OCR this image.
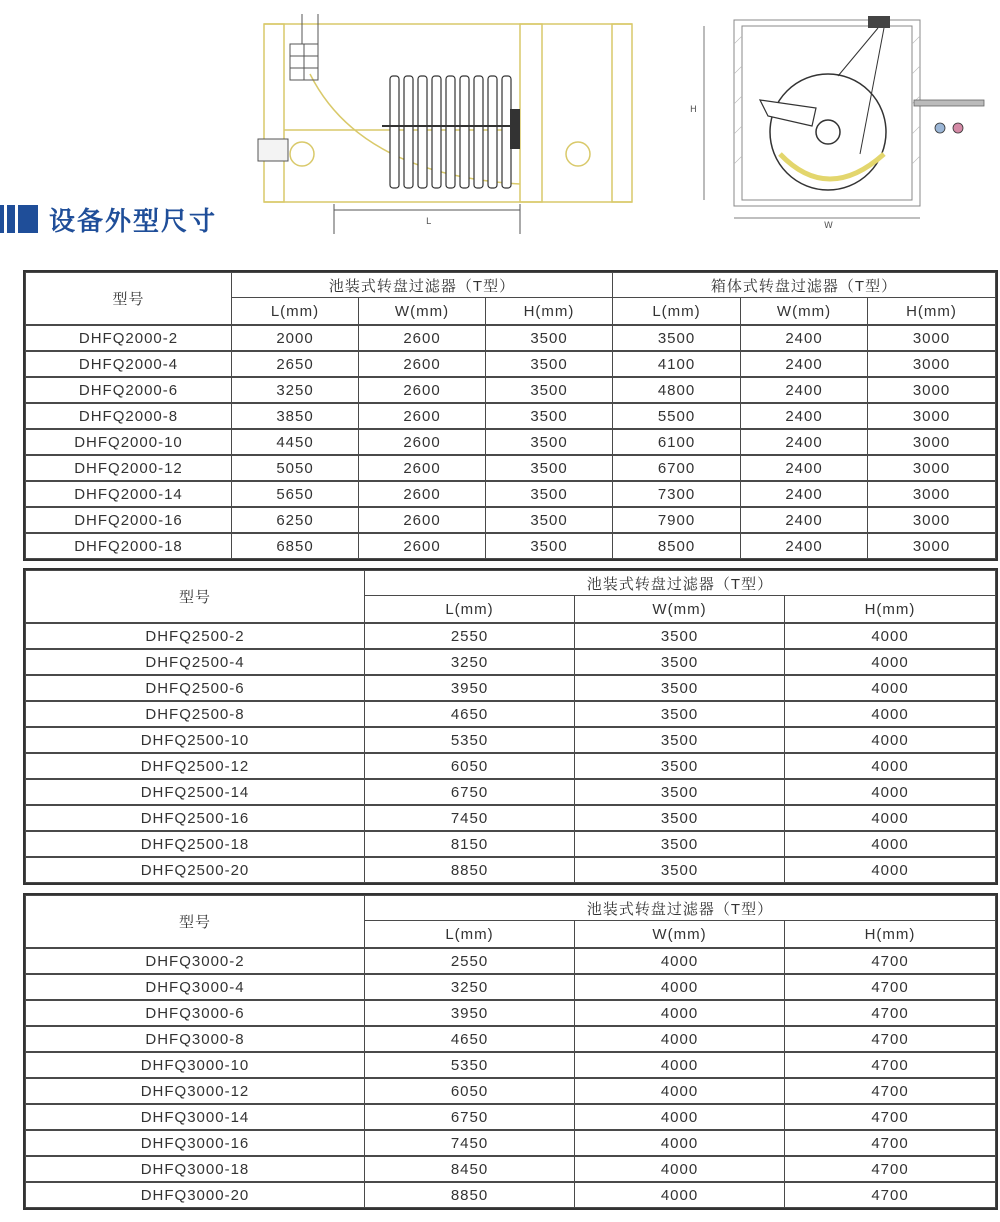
L
H
W
设备外型尺寸
型号	池装式转盘过滤器（T型）			箱体式转盘过滤器（T型）		
	L(mm)	W(mm)	H(mm)	L(mm)	W(mm)	H(mm)
DHFQ2000-2	2000	2600	3500	3500	2400	3000
DHFQ2000-4	2650	2600	3500	4100	2400	3000
DHFQ2000-6	3250	2600	3500	4800	2400	3000
DHFQ2000-8	3850	2600	3500	5500	2400	3000
DHFQ2000-10	4450	2600	3500	6100	2400	3000
DHFQ2000-12	5050	2600	3500	6700	2400	3000
DHFQ2000-14	5650	2600	3500	7300	2400	3000
DHFQ2000-16	6250	2600	3500	7900	2400	3000
DHFQ2000-18	6850	2600	3500	8500	2400	3000
型号	池装式转盘过滤器（T型）		
	L(mm)	W(mm)	H(mm)
DHFQ2500-2	2550	3500	4000
DHFQ2500-4	3250	3500	4000
DHFQ2500-6	3950	3500	4000
DHFQ2500-8	4650	3500	4000
DHFQ2500-10	5350	3500	4000
DHFQ2500-12	6050	3500	4000
DHFQ2500-14	6750	3500	4000
DHFQ2500-16	7450	3500	4000
DHFQ2500-18	8150	3500	4000
DHFQ2500-20	8850	3500	4000
型号	池装式转盘过滤器（T型）		
	L(mm)	W(mm)	H(mm)
DHFQ3000-2	2550	4000	4700
DHFQ3000-4	3250	4000	4700
DHFQ3000-6	3950	4000	4700
DHFQ3000-8	4650	4000	4700
DHFQ3000-10	5350	4000	4700
DHFQ3000-12	6050	4000	4700
DHFQ3000-14	6750	4000	4700
DHFQ3000-16	7450	4000	4700
DHFQ3000-18	8450	4000	4700
DHFQ3000-20	8850	4000	4700
